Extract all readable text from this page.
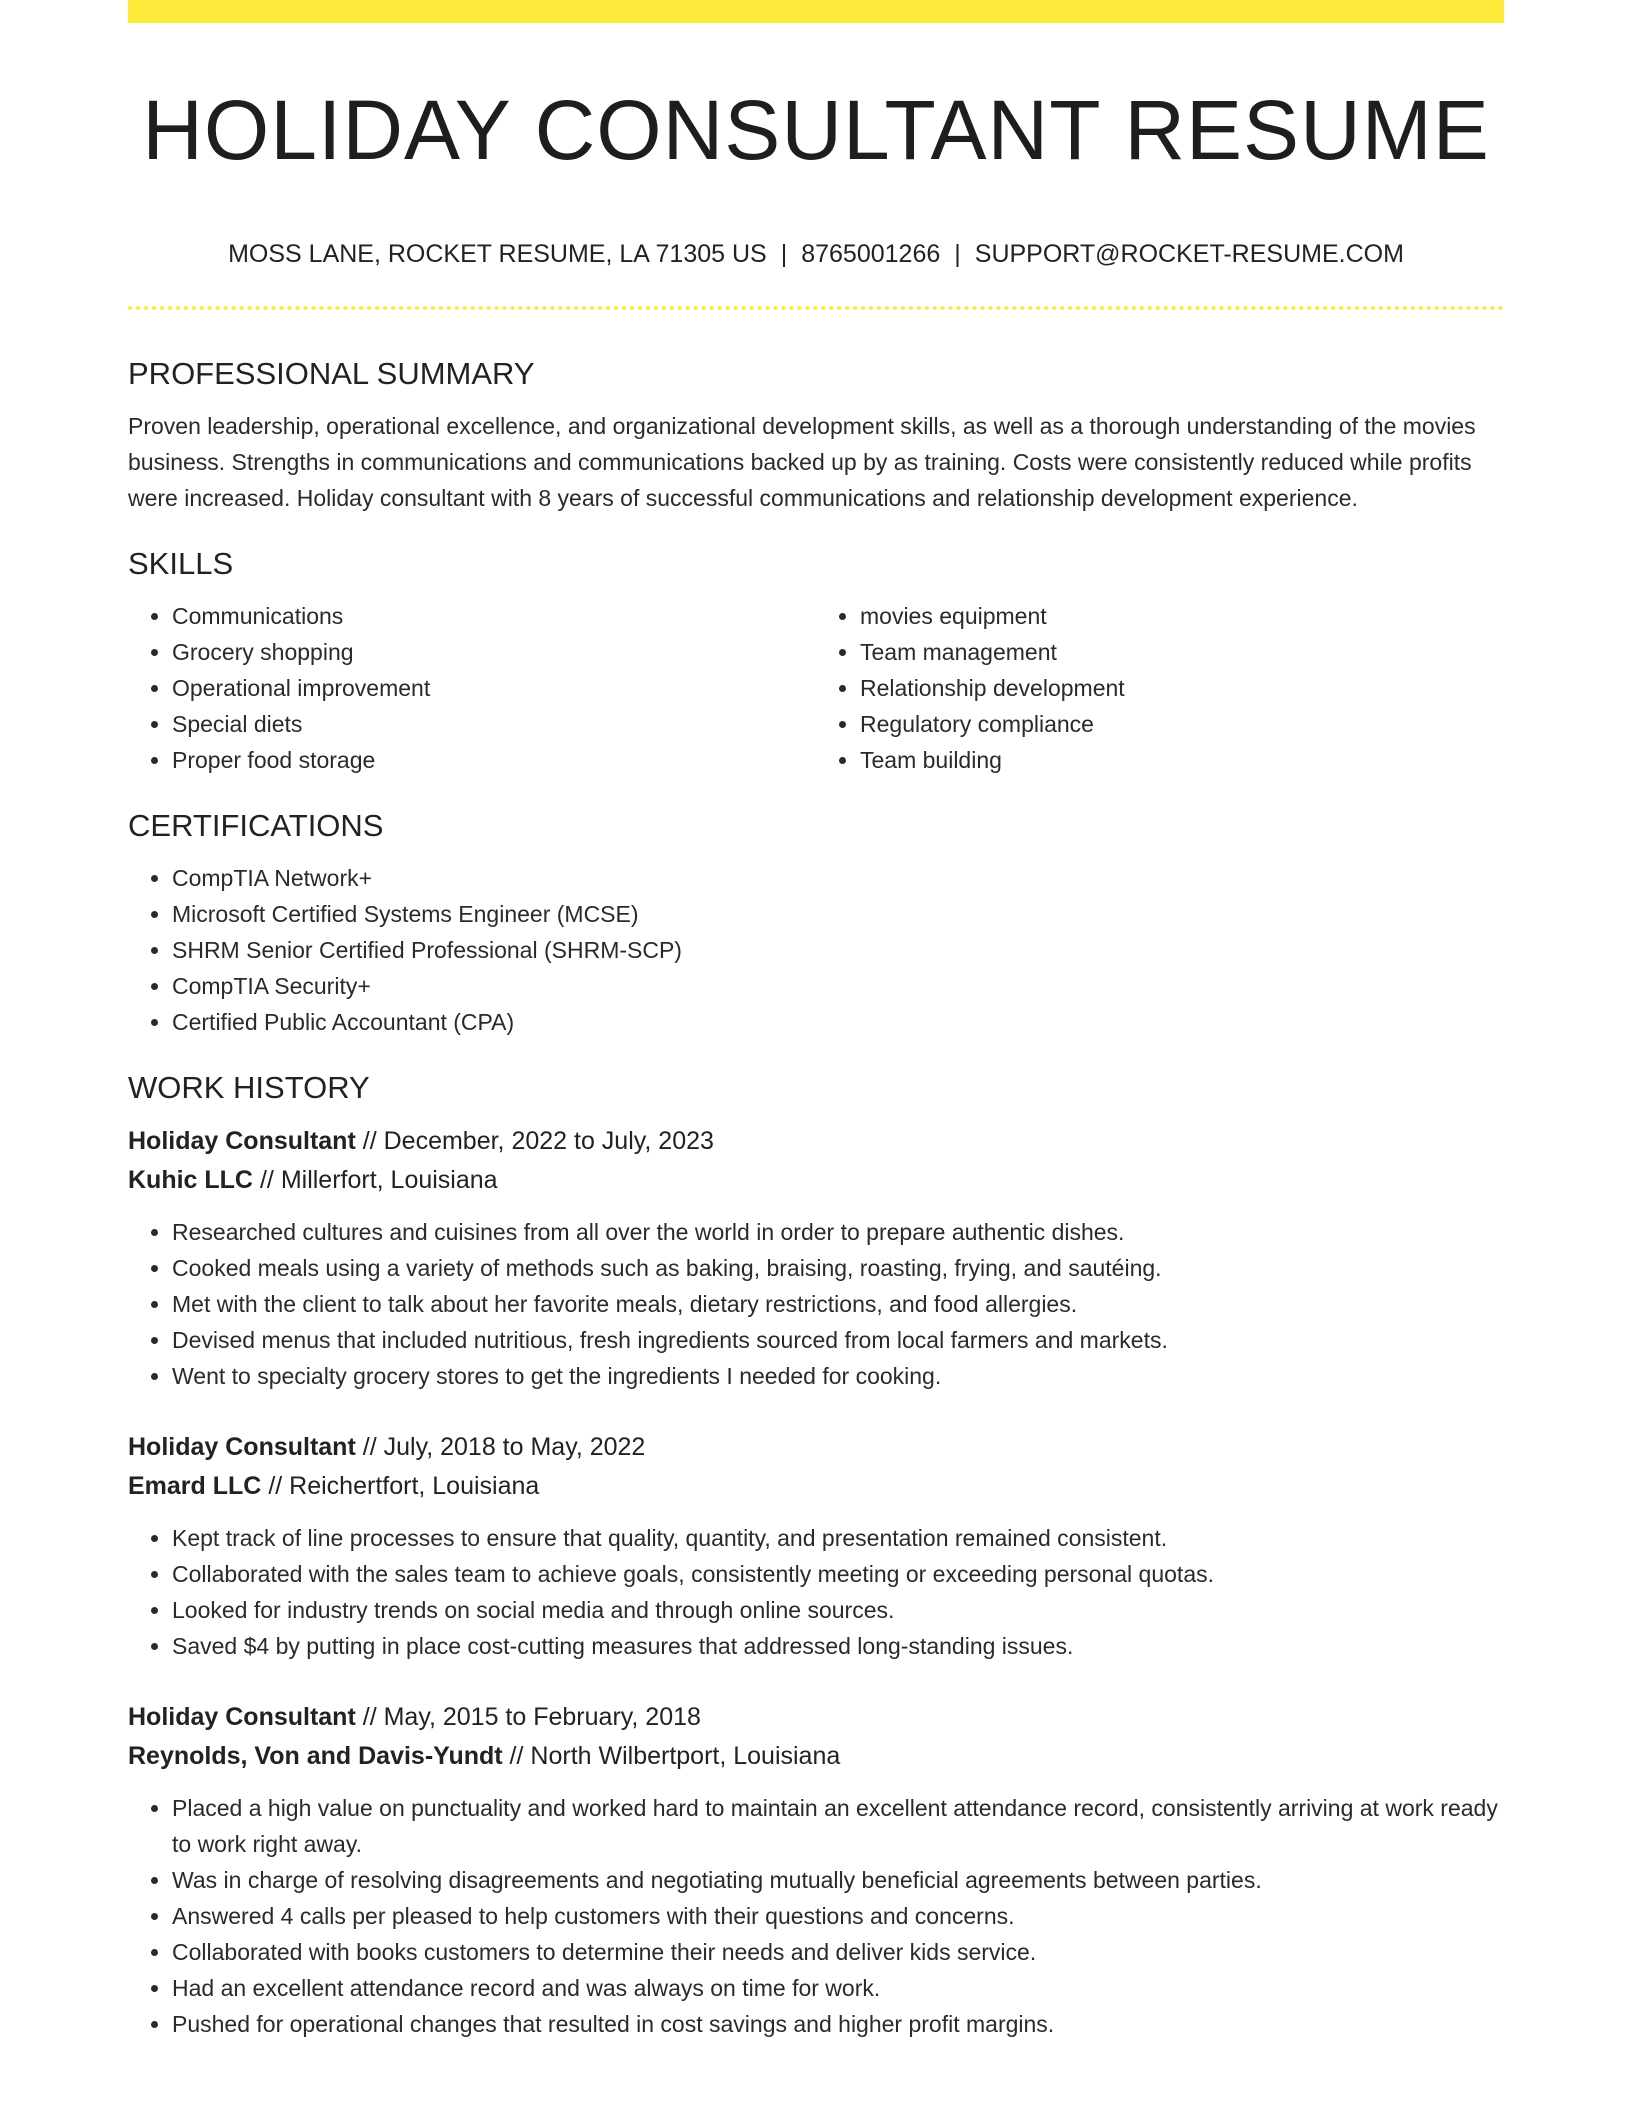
HOLIDAY CONSULTANT RESUME
MOSS LANE, ROCKET RESUME, LA 71305 US | 8765001266 | SUPPORT@ROCKET-RESUME.COM
PROFESSIONAL SUMMARY

Proven leadership, operational excellence, and organizational development skills, as well as a thorough understanding of the movies business. Strengths in communications and communications backed up by as training. Costs were consistently reduced while profits were increased. Holiday consultant with 8 years of successful communications and relationship development experience.

SKILLS
• Communications
• Grocery shopping
• Operational improvement
• Special diets
• Proper food storage
• movies equipment
• Team management
• Relationship development
• Regulatory compliance
• Team building
CERTIFICATIONS
• CompTIA Network+
• Microsoft Certified Systems Engineer (MCSE)
• SHRM Senior Certified Professional (SHRM-SCP)
• CompTIA Security+
• Certified Public Accountant (CPA)
WORK HISTORY

Holiday Consultant // December, 2022 to July, 2023

Kuhic LLC // Millerfort, Louisiana

• Researched cultures and cuisines from all over the world in order to prepare authentic dishes.
• Cooked meals using a variety of methods such as baking, braising, roasting, frying, and sautéing.
• Met with the client to talk about her favorite meals, dietary restrictions, and food allergies.
• Devised menus that included nutritious, fresh ingredients sourced from local farmers and markets.
• Went to specialty grocery stores to get the ingredients I needed for cooking.

Holiday Consultant // July, 2018 to May, 2022

Emard LLC // Reichertfort, Louisiana

• Kept track of line processes to ensure that quality, quantity, and presentation remained consistent.
• Collaborated with the sales team to achieve goals, consistently meeting or exceeding personal quotas.
• Looked for industry trends on social media and through online sources.
• Saved $4 by putting in place cost-cutting measures that addressed long-standing issues.

Holiday Consultant // May, 2015 to February, 2018

Reynolds, Von and Davis-Yundt // North Wilbertport, Louisiana

• Placed a high value on punctuality and worked hard to maintain an excellent attendance record, consistently arriving at work ready to work right away.
• Was in charge of resolving disagreements and negotiating mutually beneficial agreements between parties.
• Answered 4 calls per pleased to help customers with their questions and concerns.
• Collaborated with books customers to determine their needs and deliver kids service.
• Had an excellent attendance record and was always on time for work.
• Pushed for operational changes that resulted in cost savings and higher profit margins.
